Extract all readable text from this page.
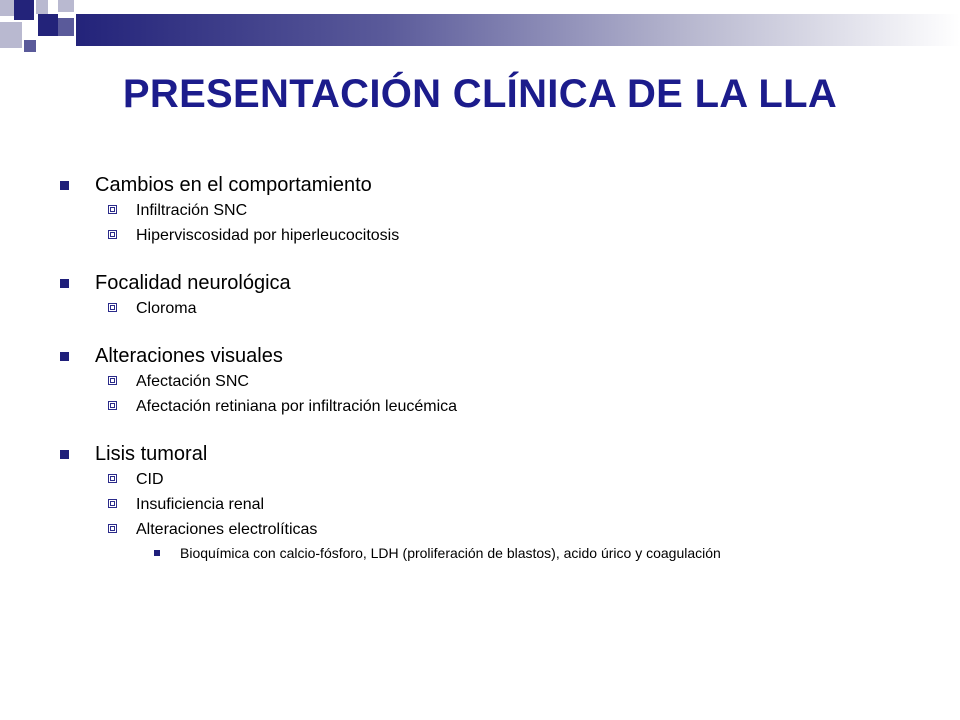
PRESENTACIÓN CLÍNICA DE LA LLA
Cambios en el comportamiento
Infiltración SNC
Hiperviscosidad por hiperleucocitosis
Focalidad neurológica
Cloroma
Alteraciones visuales
Afectación SNC
Afectación retiniana por infiltración leucémica
Lisis tumoral
CID
Insuficiencia renal
Alteraciones electrolíticas
Bioquímica con calcio-fósforo, LDH (proliferación de blastos), acido úrico y coagulación
